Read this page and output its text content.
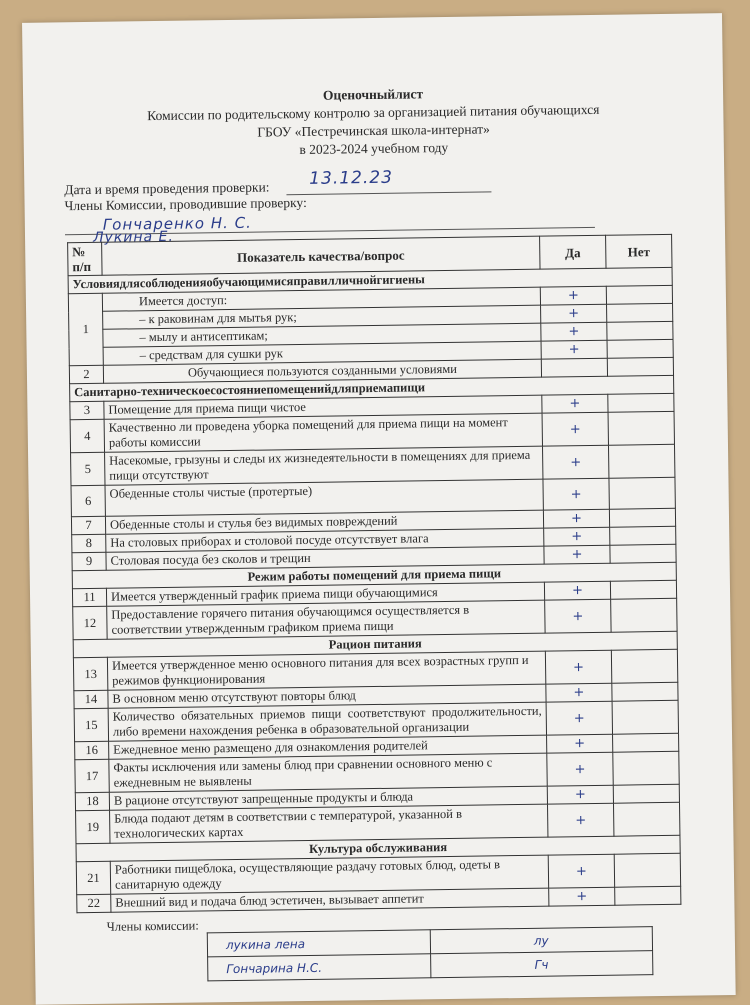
Оценочныйлист
Комиссии по родительскому контролю за организацией питания обучающихся
ГБОУ «Пестречинская школа-интернат»
в 2023-2024 учебном году
Дата и время проведения проверки: 13.12.23
Члены Комиссии, проводившие проверку:
Гончаренко Н. С.
Лукина Е.
№ п/п	Показатель качества/вопрос	Да	Нет
Условиядлясоблюденияобучающимисяправилличнойгигиены			
1	Имеется доступ:	+	
	– к раковинам для мытья рук;	+	
	– мылу и антисептикам;	+	
	– средствам для сушки рук	+	
2	Обучающиеся пользуются созданными условиями		
Санитарно-техническоесостояниепомещенийдляприемапищи			
3	Помещение для приема пищи чистое	+	
4	Качественно ли проведена уборка помещений для приема пищи на момент работы комиссии	+	
5	Насекомые, грызуны и следы их жизнедеятельности в помещениях для приема пищи отсутствуют	+	
6	Обеденные столы чистые (протертые)	+	
7	Обеденные столы и стулья без видимых повреждений	+	
8	На столовых приборах и столовой посуде отсутствует влага	+	
9	Столовая посуда без сколов и трещин	+	
Режим работы помещений для приема пищи			
11	Имеется утвержденный график приема пищи обучающимися	+	
12	Предоставление горячего питания обучающимся осуществляется в соответствии утвержденным графиком приема пищи	+	
Рацион питания			
13	Имеется утвержденное меню основного питания для всех возрастных групп и режимов функционирования	+	
14	В основном меню отсутствуют повторы блюд	+	
15	Количество обязательных приемов пищи соответствуют продолжительности, либо времени нахождения ребенка в образовательной организации	+	
16	Ежедневное меню размещено для ознакомления родителей	+	
17	Факты исключения или замены блюд при сравнении основного меню с ежедневным не выявлены	+	
18	В рационе отсутствуют запрещенные продукты и блюда	+	
19	Блюда подают детям в соответствии с температурой, указанной в технологических картах	+	
Культура обслуживания			
21	Работники пищеблока, осуществляющие раздачу готовых блюд, одеты в санитарную одежду	+	
22	Внешний вид и подача блюд эстетичен, вызывает аппетит	+	
Члены комиссии:
лукина лена	лу
Гончарина Н.С.	Гч
